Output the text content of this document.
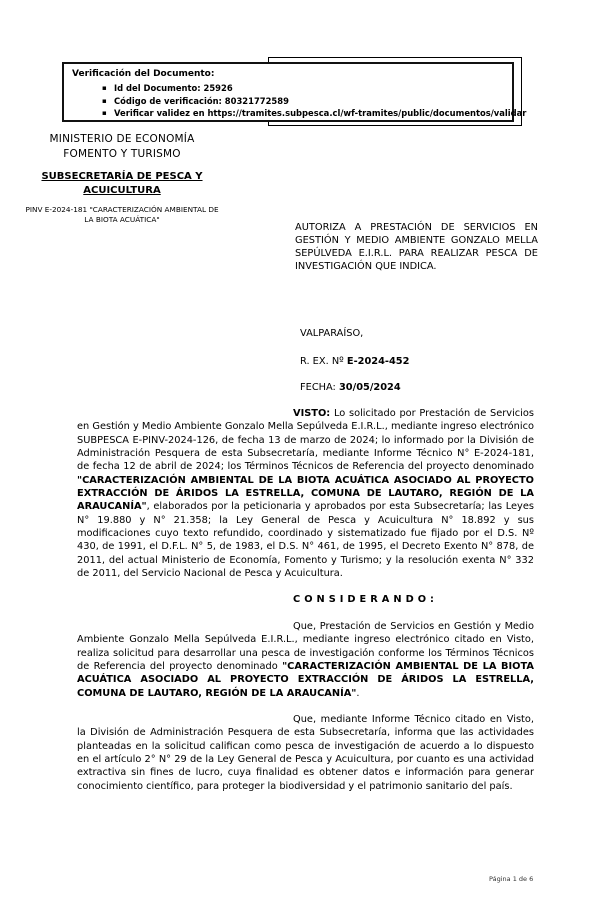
Verificación del Documento:
▪ Id del Documento: 25926
▪ Código de verificación: 80321772589
▪ Verificar validez en https://tramites.subpesca.cl/wf-tramites/public/documentos/validar
MINISTERIO DE ECONOMÍA
FOMENTO Y TURISMO
SUBSECRETARÍA DE PESCA Y ACUICULTURA
PINV E-2024-181 "CARACTERIZACIÓN AMBIENTAL DE LA BIOTA ACUÁTICA"
AUTORIZA A PRESTACIÓN DE SERVICIOS EN GESTIÓN Y MEDIO AMBIENTE GONZALO MELLA SEPÚLVEDA E.I.R.L. PARA REALIZAR PESCA DE INVESTIGACIÓN QUE INDICA.
VALPARAÍSO,
R. EX. Nº E-2024-452
FECHA: 30/05/2024

VISTO: Lo solicitado por Prestación de Servicios en Gestión y Medio Ambiente Gonzalo Mella Sepúlveda E.I.R.L., mediante ingreso electrónico SUBPESCA E-PINV-2024-126, de fecha 13 de marzo de 2024; lo informado por la División de Administración Pesquera de esta Subsecretaría, mediante Informe Técnico N° E-2024-181, de fecha 12 de abril de 2024; los Términos Técnicos de Referencia del proyecto denominado "CARACTERIZACIÓN AMBIENTAL DE LA BIOTA ACUÁTICA ASOCIADO AL PROYECTO EXTRACCIÓN DE ÁRIDOS LA ESTRELLA, COMUNA DE LAUTARO, REGIÓN DE LA ARAUCANÍA", elaborados por la peticionaria y aprobados por esta Subsecretaría; las Leyes N° 19.880 y N° 21.358; la Ley General de Pesca y Acuicultura N° 18.892 y sus modificaciones cuyo texto refundido, coordinado y sistematizado fue fijado por el D.S. Nº 430, de 1991, el D.F.L. N° 5, de 1983, el D.S. N° 461, de 1995, el Decreto Exento N° 878, de 2011, del actual Ministerio de Economía, Fomento y Turismo; y la resolución exenta N° 332 de 2011, del Servicio Nacional de Pesca y Acuicultura.

CONSIDERANDO:

Que, Prestación de Servicios en Gestión y Medio Ambiente Gonzalo Mella Sepúlveda E.I.R.L., mediante ingreso electrónico citado en Visto, realiza solicitud para desarrollar una pesca de investigación conforme los Términos Técnicos de Referencia del proyecto denominado "CARACTERIZACIÓN AMBIENTAL DE LA BIOTA ACUÁTICA ASOCIADO AL PROYECTO EXTRACCIÓN DE ÁRIDOS LA ESTRELLA, COMUNA DE LAUTARO, REGIÓN DE LA ARAUCANÍA".

Que, mediante Informe Técnico citado en Visto, la División de Administración Pesquera de esta Subsecretaría, informa que las actividades planteadas en la solicitud califican como pesca de investigación de acuerdo a lo dispuesto en el artículo 2° N° 29 de la Ley General de Pesca y Acuicultura, por cuanto es una actividad extractiva sin fines de lucro, cuya finalidad es obtener datos e información para generar conocimiento científico, para proteger la biodiversidad y el patrimonio sanitario del país.

Página 1 de 6
